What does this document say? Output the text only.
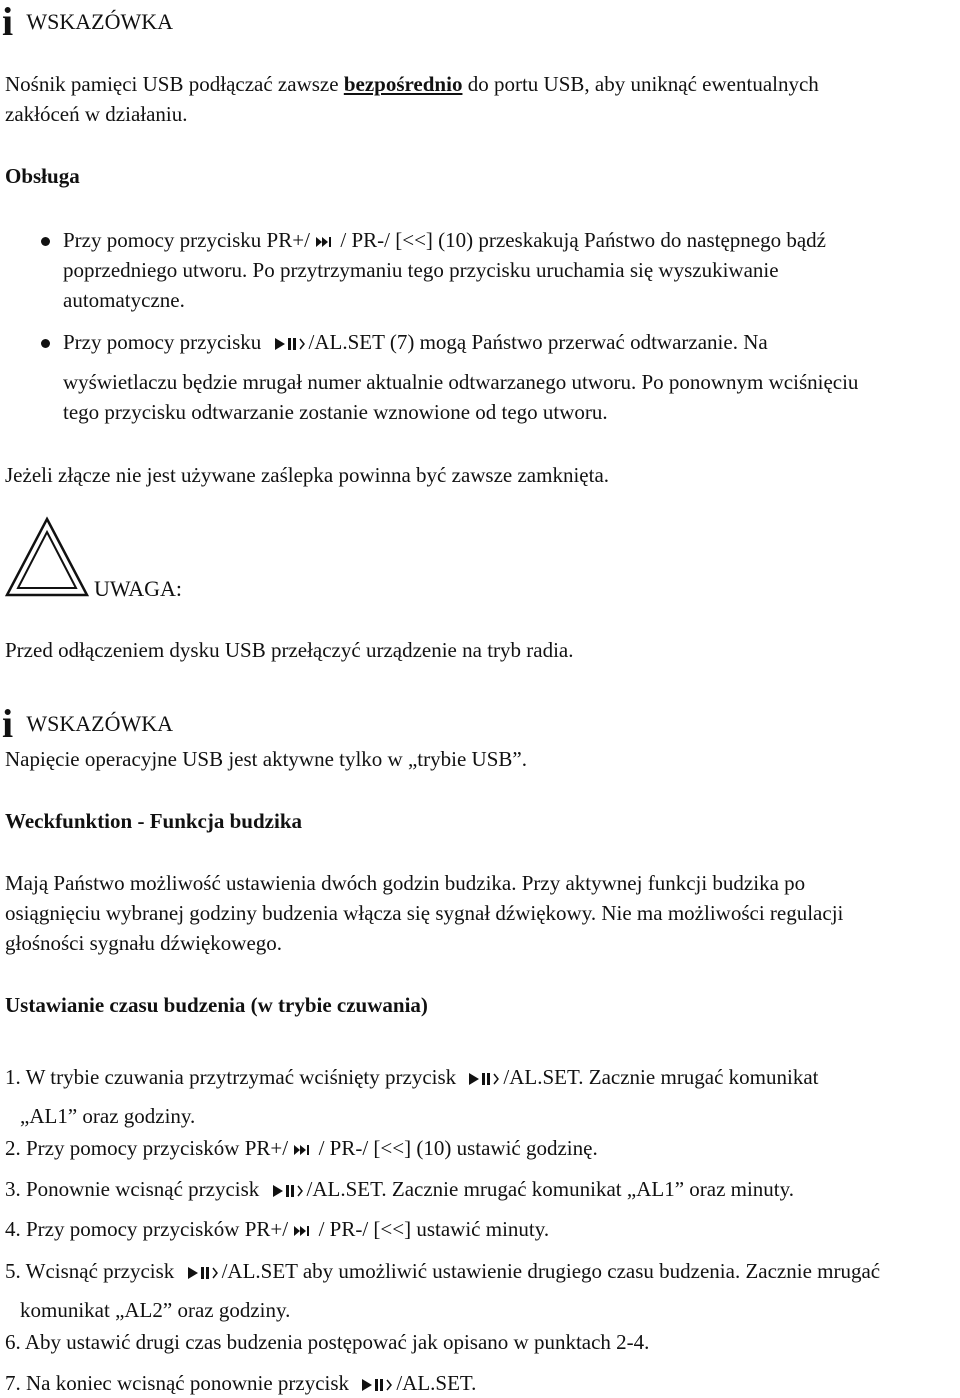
i WSKAZÓWKA
Nośnik pamięci USB podłączać zawsze bezpośrednio do portu USB, aby uniknąć ewentualnych
zakłóceń w działaniu.
Obsługa
Przy pomocy przycisku PR+/ / PR-/ [<<] (10) przeskakują Państwo do następnego bądź
poprzedniego utworu. Po przytrzymaniu tego przycisku uruchamia się wyszukiwanie
automatyczne.
Przy pomocy przycisku /AL.SET (7) mogą Państwo przerwać odtwarzanie. Na
wyświetlaczu będzie mrugał numer aktualnie odtwarzanego utworu. Po ponownym wciśnięciu
tego przycisku odtwarzanie zostanie wznowione od tego utworu.
Jeżeli złącze nie jest używane zaślepka powinna być zawsze zamknięta.
UWAGA:
Przed odłączeniem dysku USB przełączyć urządzenie na tryb radia.
i WSKAZÓWKA
Napięcie operacyjne USB jest aktywne tylko w „trybie USB”.
Weckfunktion - Funkcja budzika
Mają Państwo możliwość ustawienia dwóch godzin budzika. Przy aktywnej funkcji budzika po
osiągnięciu wybranej godziny budzenia włącza się sygnał dźwiękowy. Nie ma możliwości regulacji
głośności sygnału dźwiękowego.
Ustawianie czasu budzenia (w trybie czuwania)
1. W trybie czuwania przytrzymać wciśnięty przycisk /AL.SET. Zacznie mrugać komunikat
„AL1” oraz godziny.
2. Przy pomocy przycisków PR+/ / PR-/ [<<] (10) ustawić godzinę.
3. Ponownie wcisnąć przycisk /AL.SET. Zacznie mrugać komunikat „AL1” oraz minuty.
4. Przy pomocy przycisków PR+/ / PR-/ [<<] ustawić minuty.
5. Wcisnąć przycisk /AL.SET aby umożliwić ustawienie drugiego czasu budzenia. Zacznie mrugać
komunikat „AL2” oraz godziny.
6. Aby ustawić drugi czas budzenia postępować jak opisano w punktach 2-4.
7. Na koniec wcisnąć ponownie przycisk /AL.SET.
